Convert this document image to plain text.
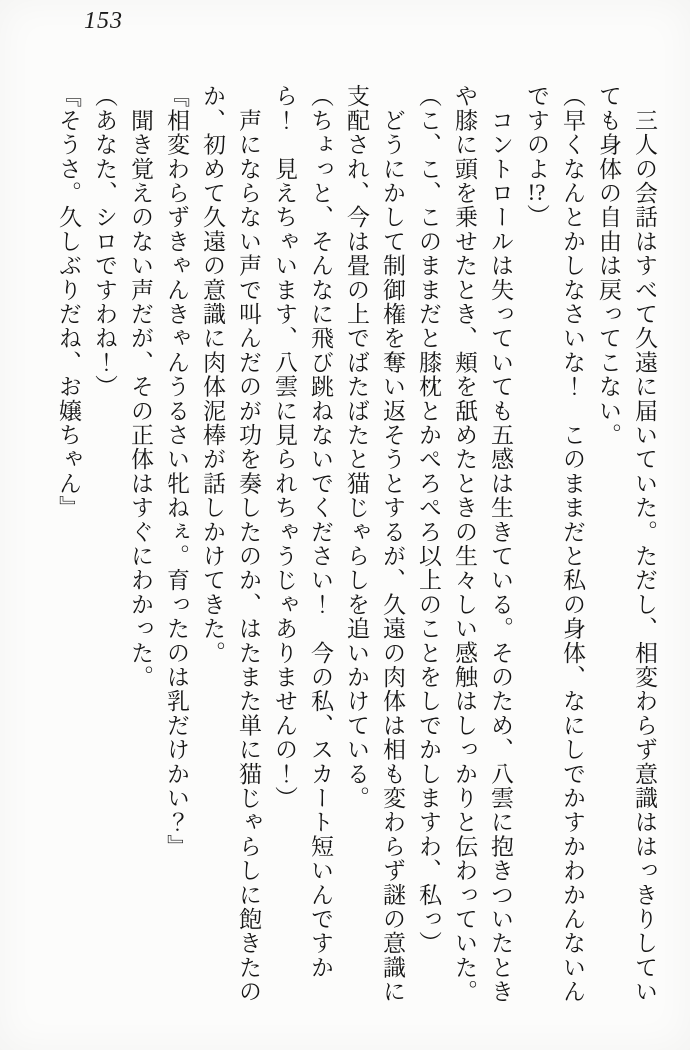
153

　三人の会話はすべて久遠に届いていた。ただし、相変わらず意識ははっきりしてい
ても身体の自由は戻ってこない。

（早くなんとかしなさいな！　このままだと私の身体、なにしでかすかわかんないん
ですのよ!?）

　コントロールは失っていても五感は生きている。そのため、八雲に抱きついたとき
や膝に頭を乗せたとき、頬を舐めたときの生々しい感触はしっかりと伝わっていた。

（こ、こ、このままだと膝枕とかぺろぺろ以上のことをしでかしますわ、私っ）

　どうにかして制御権を奪い返そうとするが、久遠の肉体は相も変わらず謎の意識に
支配され、今は畳の上でばたばたと猫じゃらしを追いかけている。

（ちょっと、そんなに飛び跳ねないでください！　今の私、スカート短いんですか
ら！　見えちゃいます、八雲に見られちゃうじゃありませんの！）

　声にならない声で叫んだのが功を奏したのか、はたまた単に猫じゃらしに飽きたの
か、初めて久遠の意識に肉体泥棒が話しかけてきた。

『相変わらずきゃんきゃんうるさい牝ねぇ。育ったのは乳だけかい？』

　聞き覚えのない声だが、その正体はすぐにわかった。

（あなた、シロですわね！）

『そうさ。久しぶりだね、お嬢ちゃん』
